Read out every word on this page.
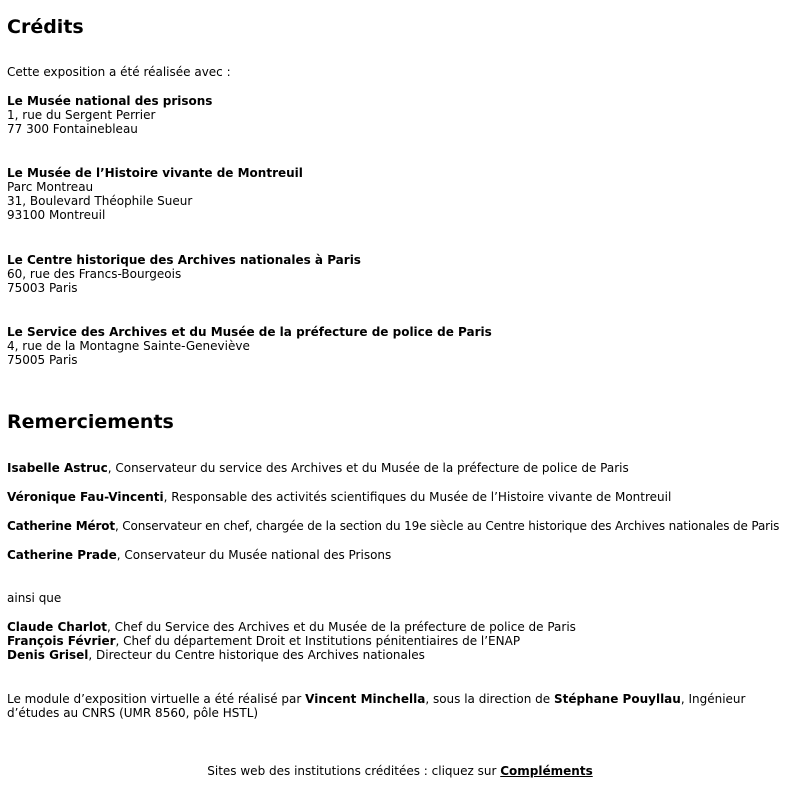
Crédits

Cette exposition a été réalisée avec :

Le Musée national des prisons
1, rue du Sergent Perrier
77 300 Fontainebleau
Le Musée de l’Histoire vivante de Montreuil
Parc Montreau
31, Boulevard Théophile Sueur
93100 Montreuil
Le Centre historique des Archives nationales à Paris
60, rue des Francs-Bourgeois
75003 Paris
Le Service des Archives et du Musée de la préfecture de police de Paris
4, rue de la Montagne Sainte-Geneviève
75005 Paris
Remerciements
Isabelle Astruc, Conservateur du service des Archives et du Musée de la préfecture de police de Paris
Véronique Fau-Vincenti, Responsable des activités scientifiques du Musée de l’Histoire vivante de Montreuil
Catherine Mérot, Conservateur en chef, chargée de la section du 19e siècle au Centre historique des Archives nationales de Paris
Catherine Prade, Conservateur du Musée national des Prisons

ainsi que

Claude Charlot, Chef du Service des Archives et du Musée de la préfecture de police de Paris
François Février, Chef du département Droit et Institutions pénitentiaires de l’ENAP
Denis Grisel, Directeur du Centre historique des Archives nationales
Le module d’exposition virtuelle a été réalisé par Vincent Minchella, sous la direction de Stéphane Pouyllau, Ingénieur d’études au CNRS (UMR 8560, pôle HSTL)
Sites web des institutions créditées : cliquez sur Compléments
